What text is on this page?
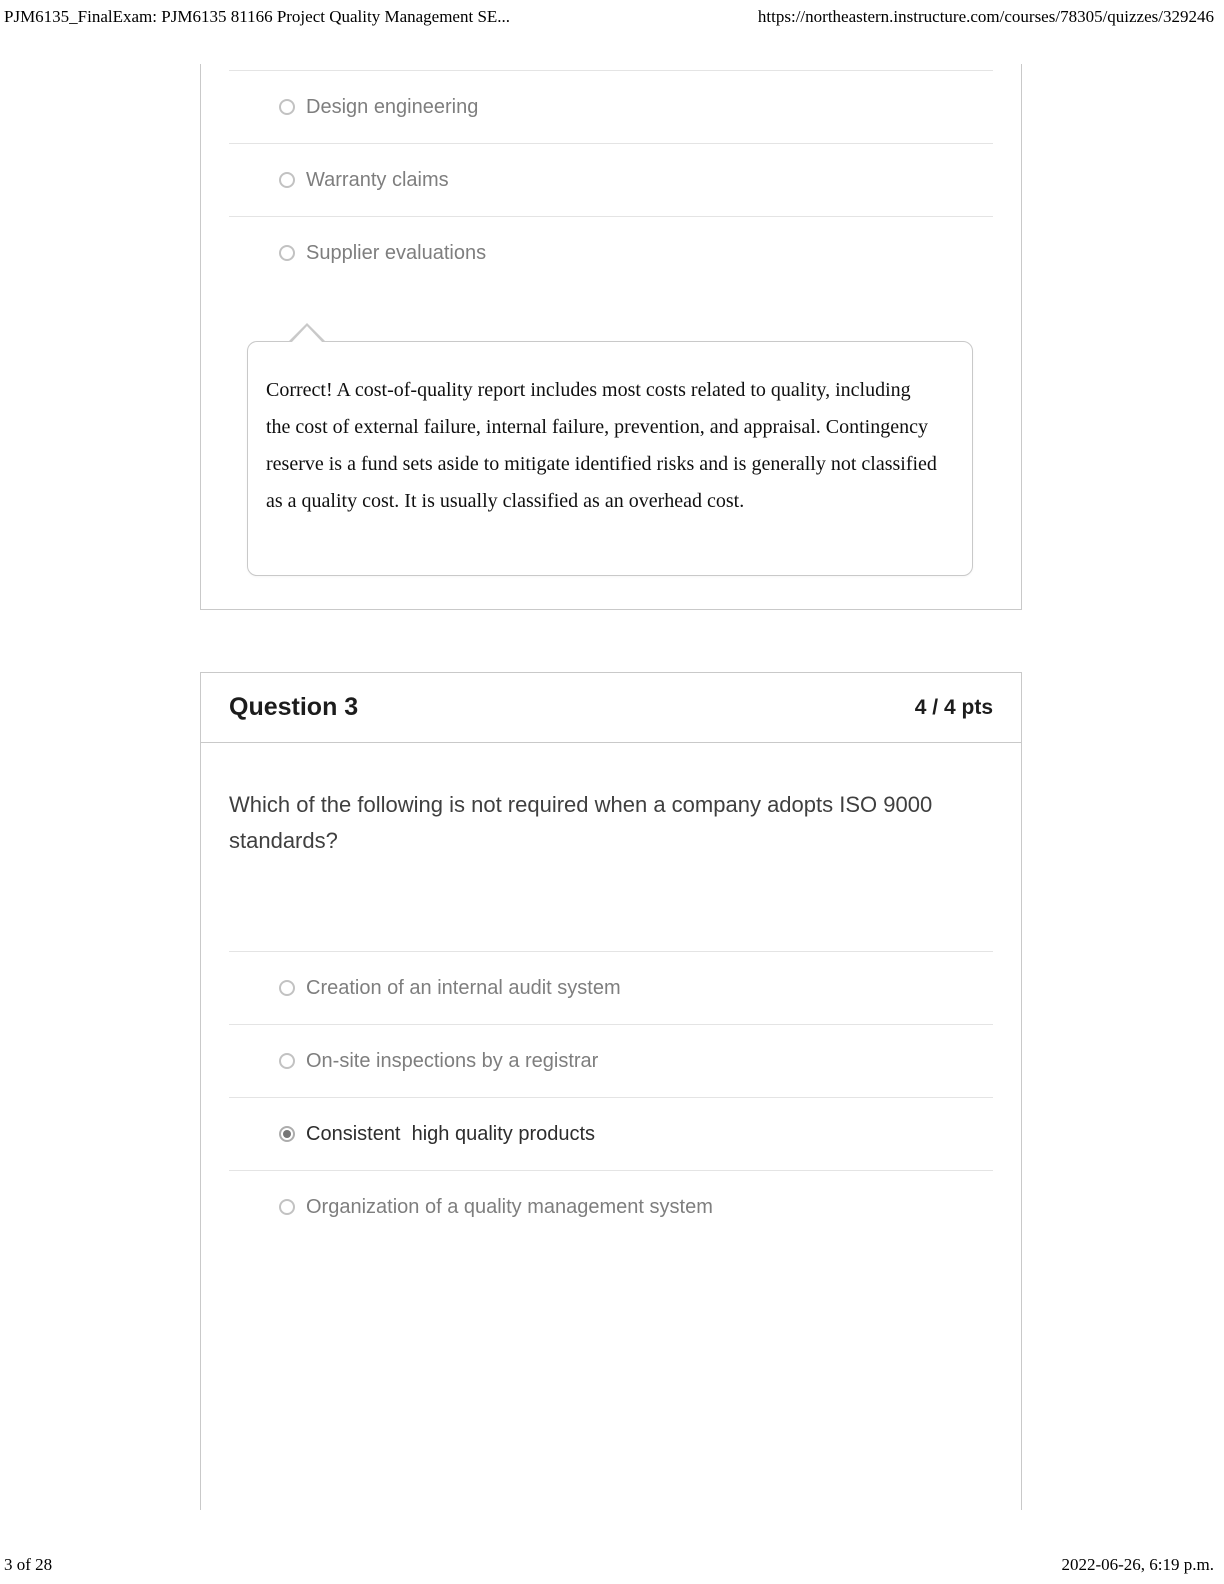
PJM6135_FinalExam: PJM6135 81166 Project Quality Management SE...	https://northeastern.instructure.com/courses/78305/quizzes/329246
Design engineering
Warranty claims
Supplier evaluations
Correct! A cost-of-quality report includes most costs related to quality, including the cost of external failure, internal failure, prevention, and appraisal. Contingency reserve is a fund sets aside to mitigate identified risks and is generally not classified as a quality cost. It is usually classified as an overhead cost.
Question 3	4 / 4 pts
Which of the following is not required when a company adopts ISO 9000 standards?
Creation of an internal audit system
On-site inspections by a registrar
Consistent  high quality products
Organization of a quality management system
3 of 28	2022-06-26, 6:19 p.m.
